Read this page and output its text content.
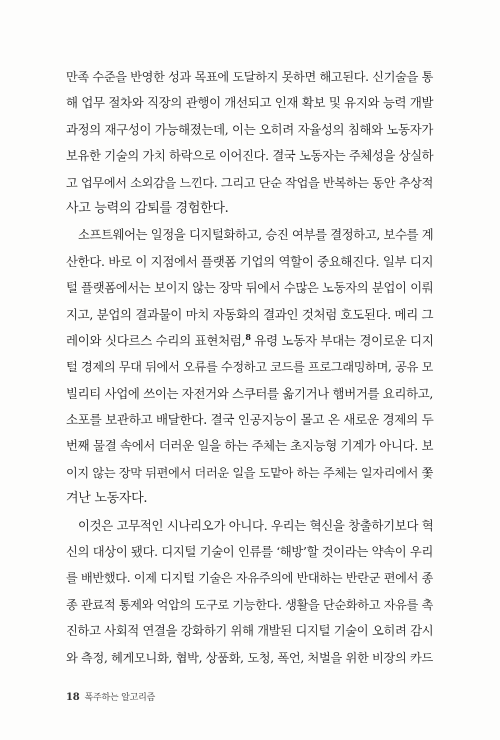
만족 수준을 반영한 성과 목표에 도달하지 못하면 해고된다. 신기술을 통
해 업무 절차와 직장의 관행이 개선되고 인재 확보 및 유지와 능력 개발
과정의 재구성이 가능해졌는데, 이는 오히려 자율성의 침해와 노동자가
보유한 기술의 가치 하락으로 이어진다. 결국 노동자는 주체성을 상실하
고 업무에서 소외감을 느낀다. 그리고 단순 작업을 반복하는 동안 추상적
사고 능력의 감퇴를 경험한다.
소프트웨어는 일정을 디지털화하고, 승진 여부를 결정하고, 보수를 계
산한다. 바로 이 지점에서 플랫폼 기업의 역할이 중요해진다. 일부 디지
털 플랫폼에서는 보이지 않는 장막 뒤에서 수많은 노동자의 분업이 이뤄
지고, 분업의 결과물이 마치 자동화의 결과인 것처럼 호도된다. 메리 그
레이와 싯다르스 수리의 표현처럼,$^8$ 유령 노동자 부대는 경이로운 디지
털 경제의 무대 뒤에서 오류를 수정하고 코드를 프로그래밍하며, 공유 모
빌리티 사업에 쓰이는 자전거와 스쿠터를 옮기거나 햄버거를 요리하고,
소포를 보관하고 배달한다. 결국 인공지능이 몰고 온 새로운 경제의 두
번째 물결 속에서 더러운 일을 하는 주체는 초지능형 기계가 아니다. 보
이지 않는 장막 뒤편에서 더러운 일을 도맡아 하는 주체는 일자리에서 쫓
겨난 노동자다.
이것은 고무적인 시나리오가 아니다. 우리는 혁신을 창출하기보다 혁
신의 대상이 됐다. 디지털 기술이 인류를 ‘해방’할 것이라는 약속이 우리
를 배반했다. 이제 디지털 기술은 자유주의에 반대하는 반란군 편에서 종
종 관료적 통제와 억압의 도구로 기능한다. 생활을 단순화하고 자유를 촉
진하고 사회적 연결을 강화하기 위해 개발된 디지털 기술이 오히려 감시
와 측정, 헤게모니화, 협박, 상품화, 도청, 폭언, 처벌을 위한 비장의 카드
18 폭주하는 알고리즘
